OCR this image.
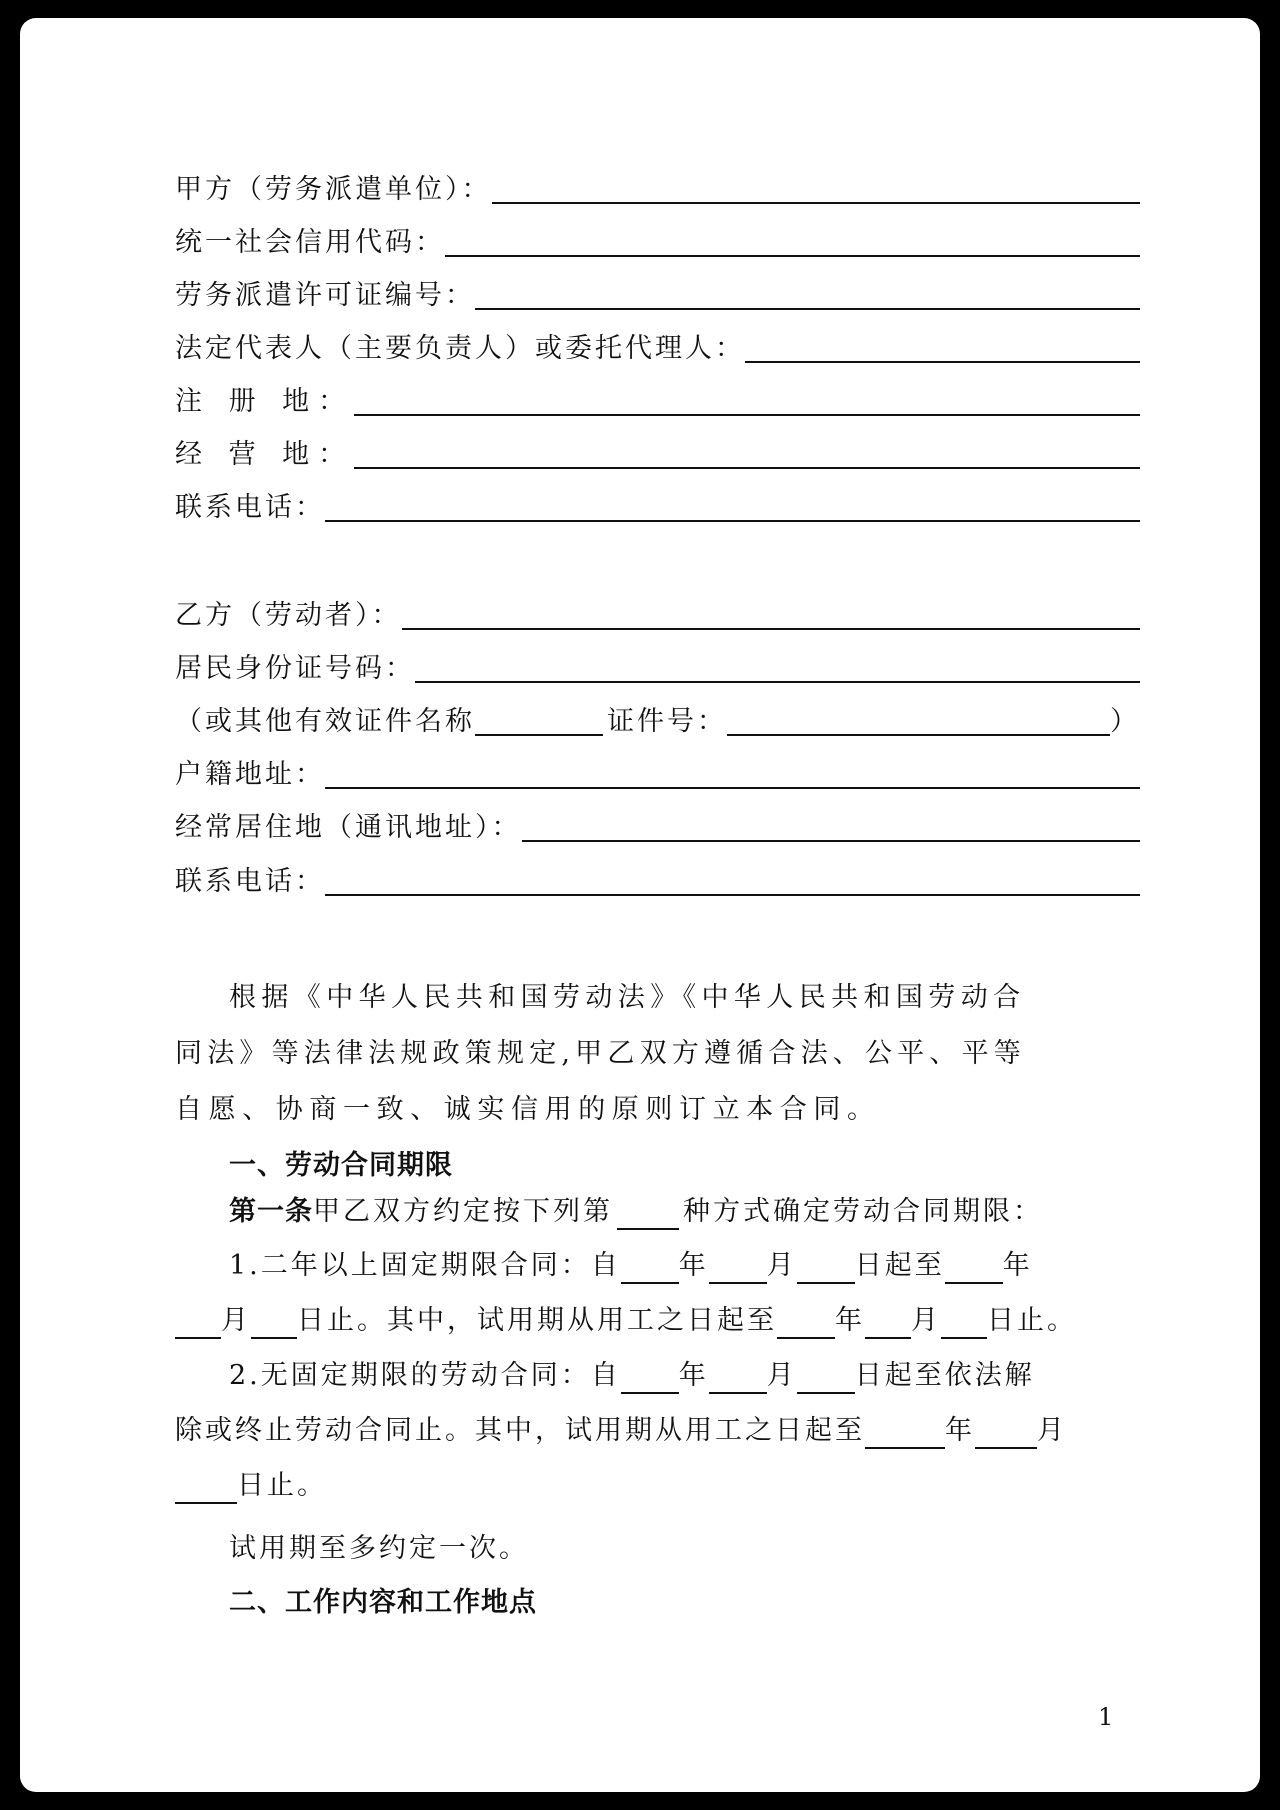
甲方（劳务派遣单位）：
统一社会信用代码：
劳务派遣许可证编号：
法定代表人（主要负责人）或委托代理人：
注 册 地：
经 营 地：
联系电话：
乙方（劳动者）：
居民身份证号码：
（或其他有效证件名称	证件号：	）
户籍地址：
经常居住地（通讯地址）：
联系电话：
根据《中华人民共和国劳动法》《中华人民共和国劳动合
同法》等法律法规政策规定,甲乙双方遵循合法、公平、平等
自愿、协商一致、诚实信用的原则订立本合同。
一、劳动合同期限
第一条 甲乙双方约定按下列第	种方式确定劳动合同期限：
1.二年以上固定期限合同：自 年 月 日起至 年
月 日止。其中，试用期从用工之日起至 年 月 日止。
2.无固定期限的劳动合同：自 年 月 日起至依法解
除或终止劳动合同止。其中，试用期从用工之日起至	年 月
日止。
试用期至多约定一次。
二、工作内容和工作地点
1
